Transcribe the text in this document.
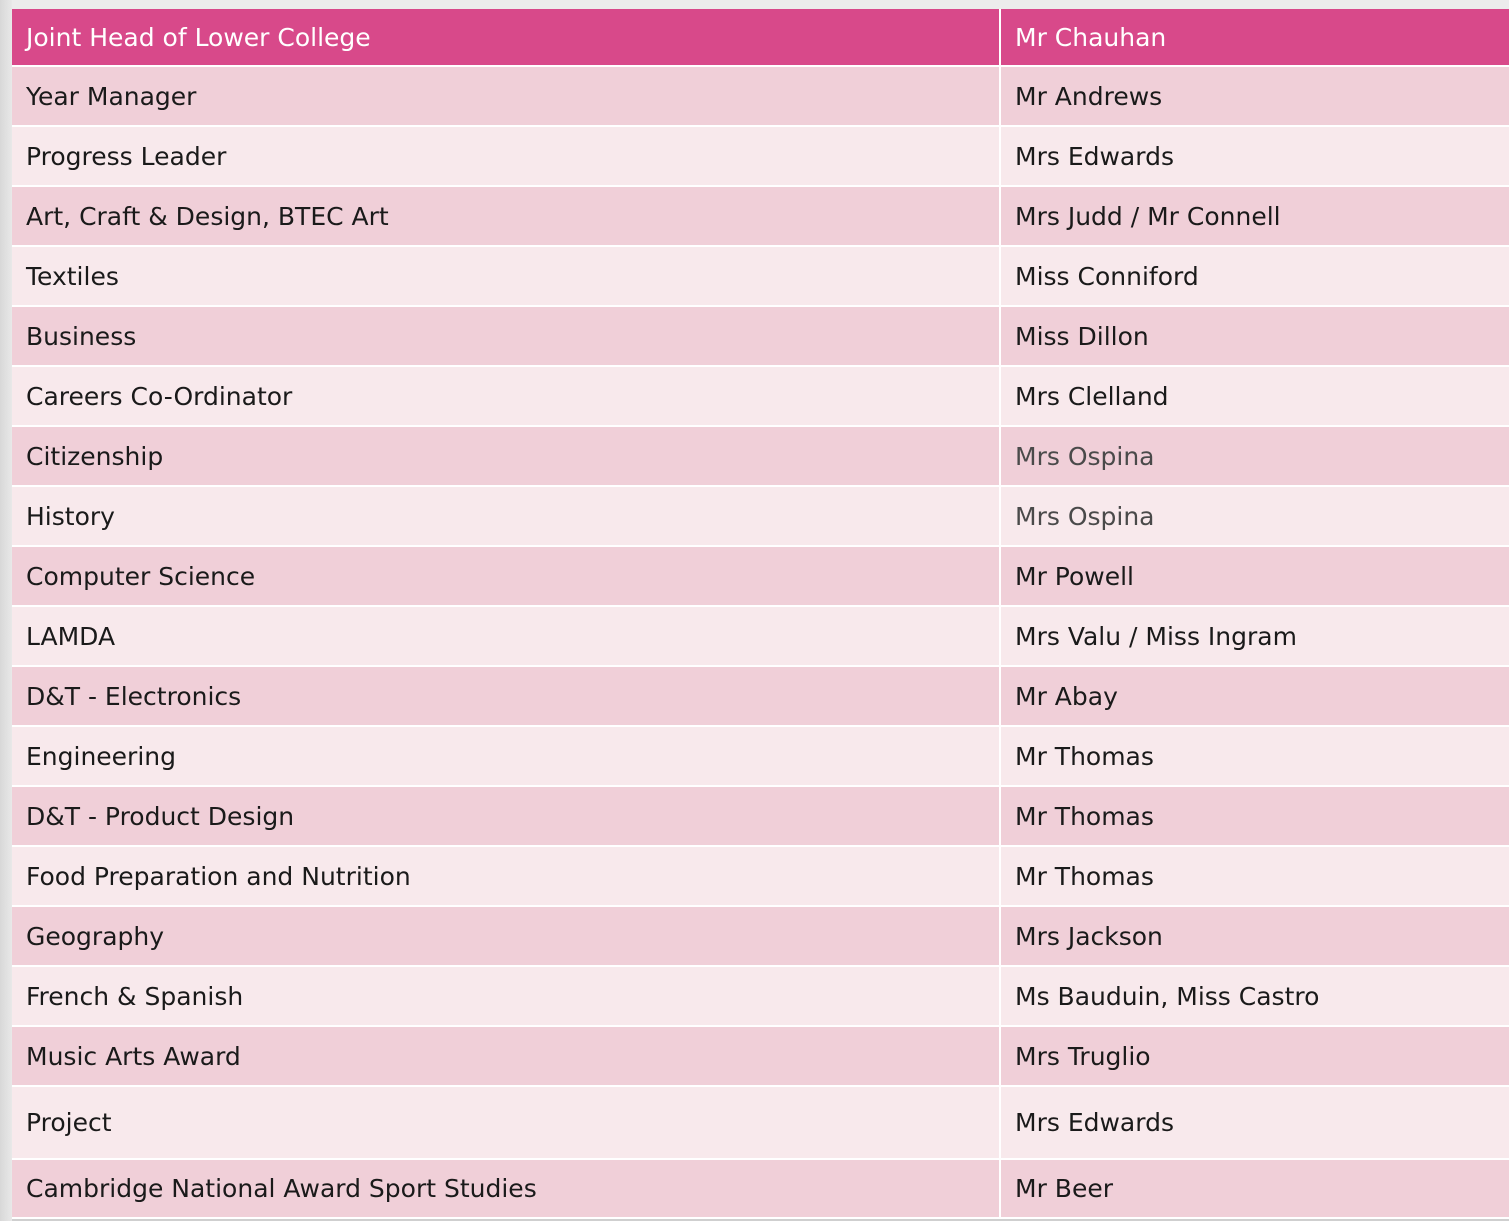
Joint Head of Lower College	Mr Chauhan
Year Manager	Mr Andrews
Progress Leader	Mrs Edwards
Art, Craft & Design, BTEC Art	Mrs Judd / Mr Connell
Textiles	Miss Conniford
Business	Miss Dillon
Careers Co-Ordinator	Mrs Clelland
Citizenship	Mrs Ospina
History	Mrs Ospina
Computer Science	Mr Powell
LAMDA	Mrs Valu / Miss Ingram
D&T - Electronics	Mr Abay
Engineering	Mr Thomas
D&T - Product Design	Mr Thomas
Food Preparation and Nutrition	Mr Thomas
Geography	Mrs Jackson
French & Spanish	Ms Bauduin, Miss Castro
Music Arts Award	Mrs Truglio
Project	Mrs Edwards
Cambridge National Award Sport Studies	Mr Beer
